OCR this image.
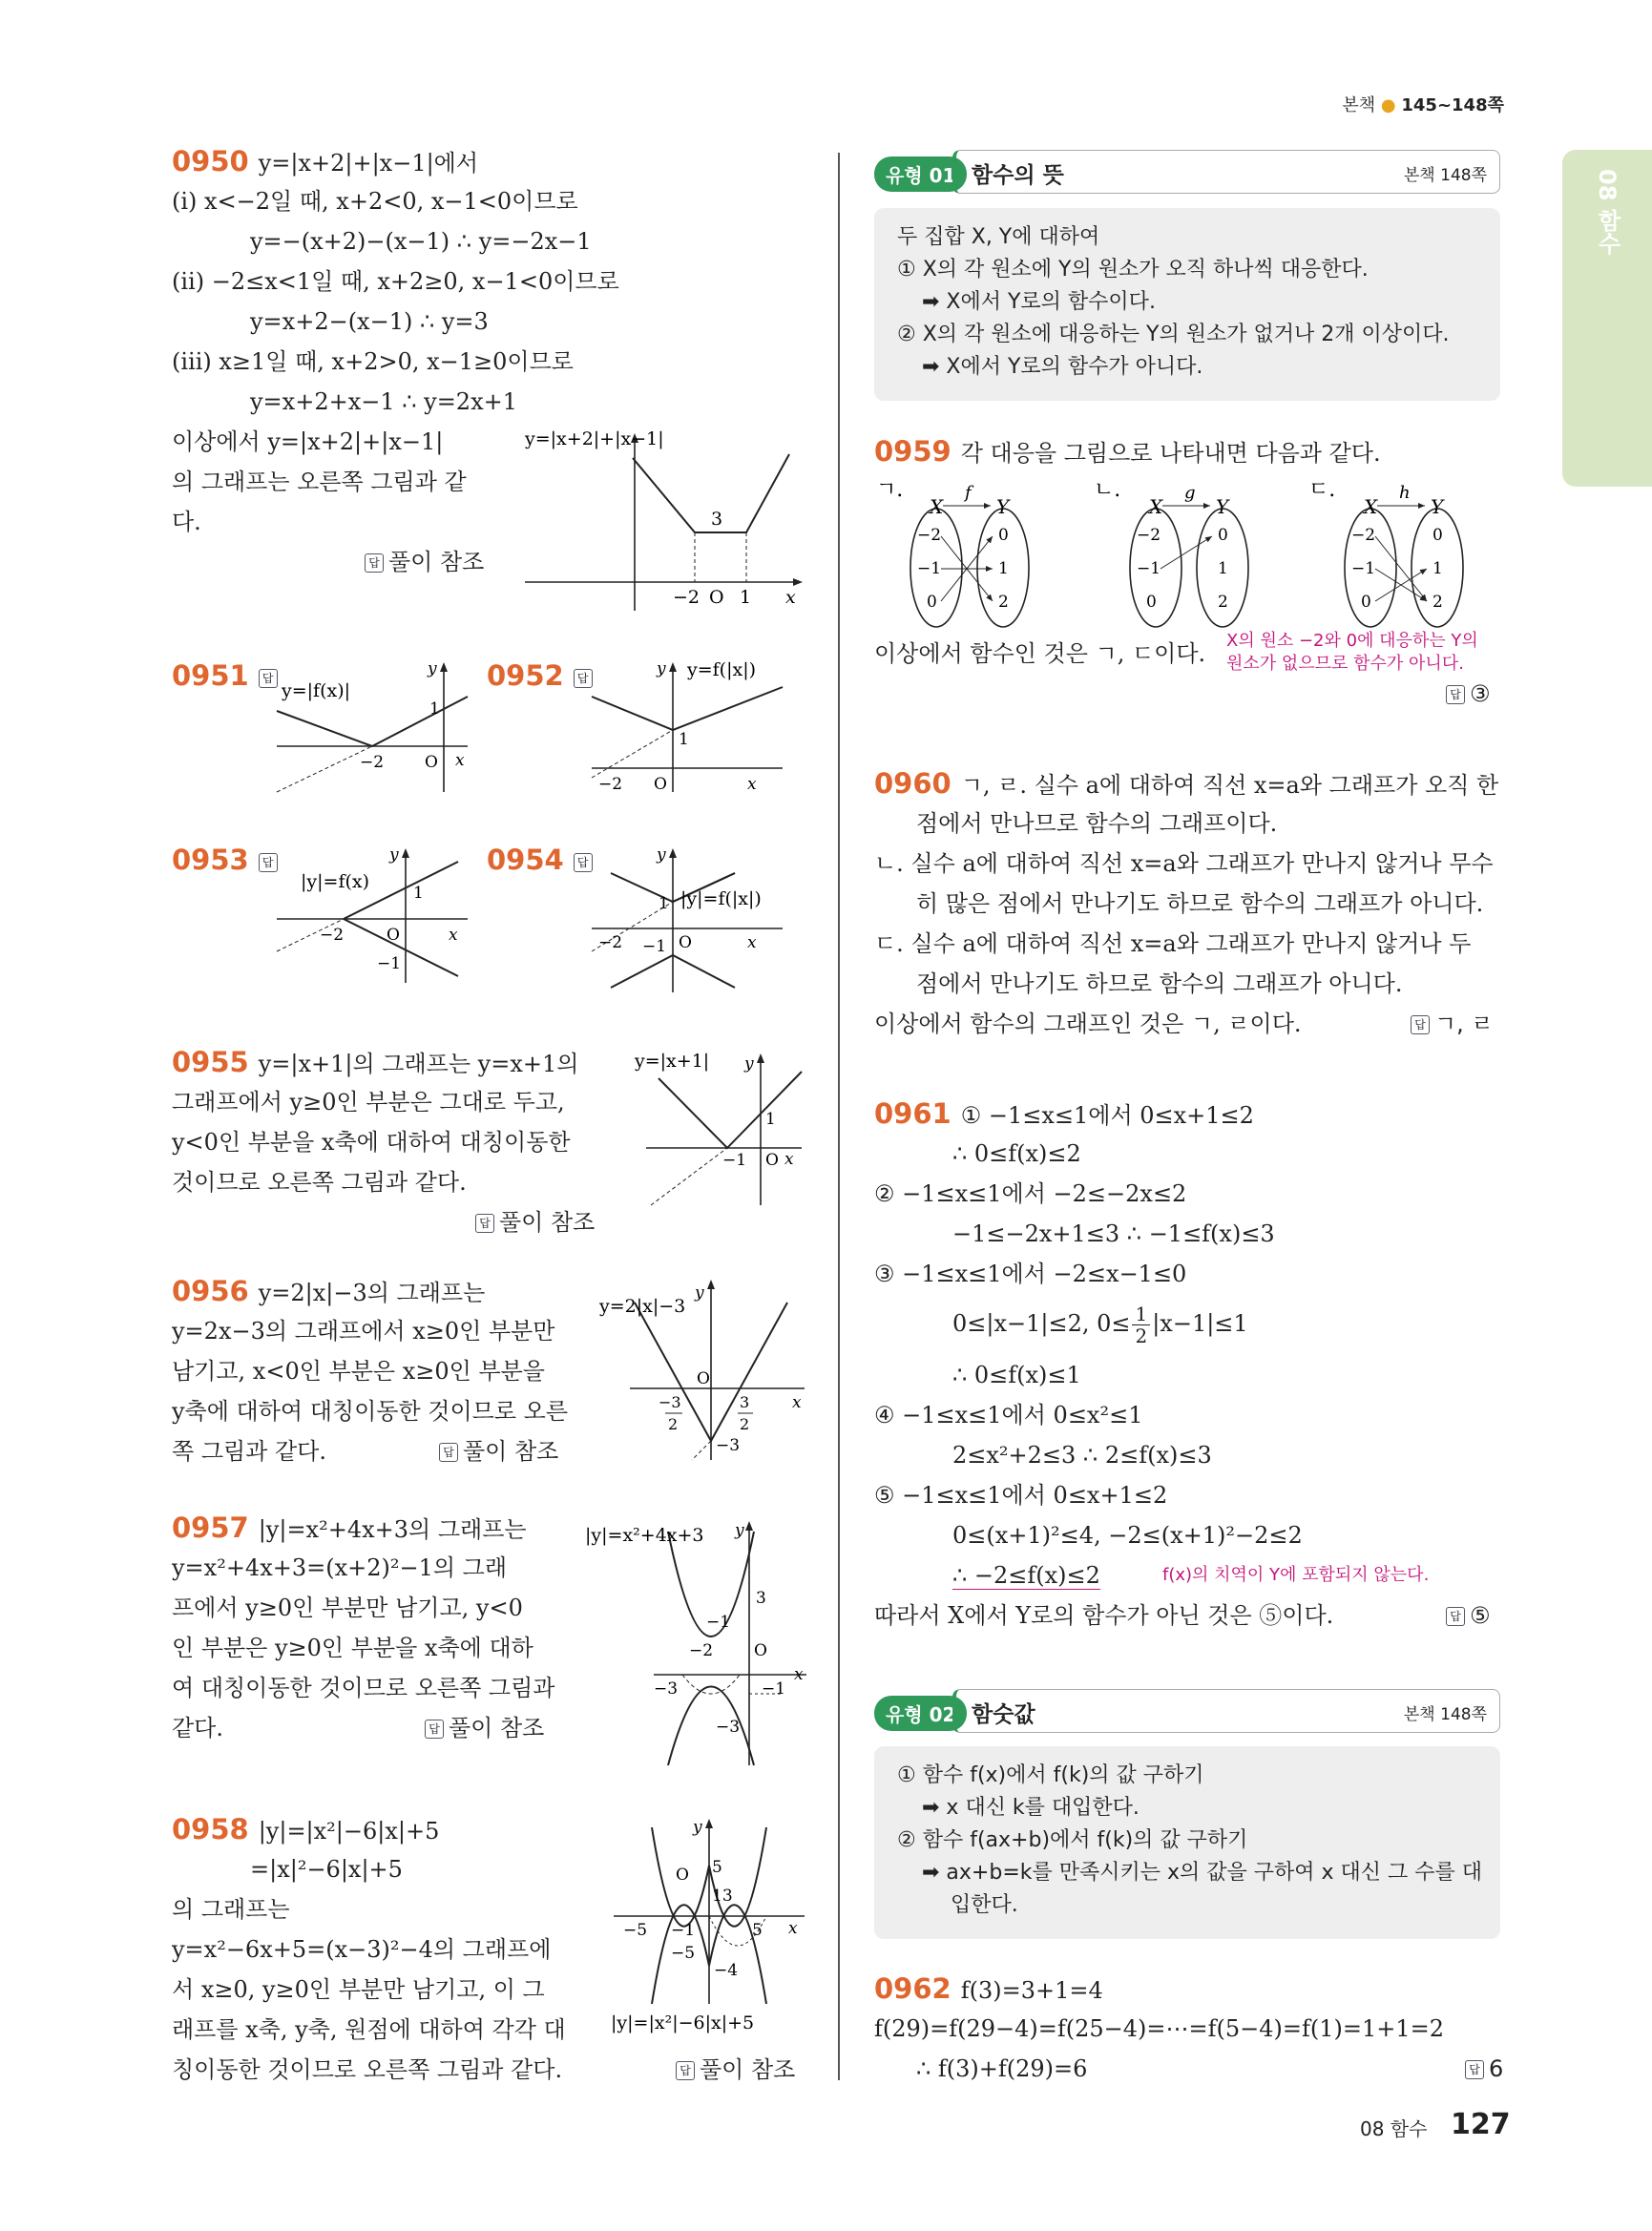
본책 ● 145~148쪽
08 함수
0950 y=|x+2|+|x−1|에서
(ⅰ) x<−2일 때, x+2<0, x−1<0이므로
y=−(x+2)−(x−1) ∴ y=−2x−1
(ⅱ) −2≤x<1일 때, x+2≥0, x−1<0이므로
y=x+2−(x−1) ∴ y=3
(ⅲ) x≥1일 때, x+2>0, x−1≥0이므로
y=x+2+x−1 ∴ y=2x+1
이상에서 y=|x+2|+|x−1|
의 그래프는 오른쪽 그림과 같
다.
답 풀이 참조
y=|x+2|+|x−1|
3
−2 O 1 x
0951 답
y=|f(x)|
1
−2	O x
y 0952 답	y=f(|x|)
1
−2 O	x
y
0953 답
|y|=f(x)
1
−2	O	x
y
−1
0954 답
|y|=f(|x|)
1
−2	O	x
y
−1
0955 y=|x+1|의 그래프는 y=x+1의
그래프에서 y≥0인 부분은 그대로 두고,
y<0인 부분을 x축에 대하여 대칭이동한
것이므로 오른쪽 그림과 같다.
답 풀이 참조
y=|x+1|
1
−1 O x
y
0956 y=2|x|−3의 그래프는
y=2x−3의 그래프에서 x≥0인 부분만
남기고, x<0인 부분은 x≥0인 부분을
y축에 대하여 대칭이동한 것이므로 오른
쪽 그림과 같다.	답 풀이 참조
y=2|x|−3
y
O
x
−3
2
3
2
−3
0957 |y|=x²+4x+3의 그래프는
y=x²+4x+3=(x+2)²−1의 그래
프에서 y≥0인 부분만 남기고, y<0
인 부분은 y≥0인 부분을 x축에 대하
여 대칭이동한 것이므로 오른쪽 그림과
같다.	답 풀이 참조
|y|=x²+4x+3
3
−1
−2	O
−3	−1
x
−3
y
0958 |y|=|x²|−6|x|+5
=|x|²−6|x|+5
의 그래프는
y=x²−6x+5=(x−3)²−4의 그래프에
서 x≥0, y≥0인 부분만 남기고, 이 그
래프를 x축, y축, 원점에 대하여 각각 대
칭이동한 것이므로 오른쪽 그림과 같다.	답 풀이 참조
y
5
O
13
−5 −1	5 x
−5
−4
|y|=|x²|−6|x|+5
유형 01 함수의 뜻	본책 148쪽
두 집합 X, Y에 대하여
① X의 각 원소에 Y의 원소가 오직 하나씩 대응한다.
➡ X에서 Y로의 함수이다.
② X의 각 원소에 대응하는 Y의 원소가 없거나 2개 이상이다.
➡ X에서 Y로의 함수가 아니다.
0959 각 대응을 그림으로 나타내면 다음과 같다.
ㄱ.
X	Y
f
−2
−1
0
0
1
2
ㄴ.
X	Y
g
−2
−1
0
0
1
2
ㄷ.
X	Y
h
−2
−1
0
0
1
2
이상에서 함수인 것은 ㄱ, ㄷ이다. X의 원소 −2와 0에 대응하는 Y의
원소가 없으므로 함수가 아니다.
답 ③
0960 ㄱ, ㄹ. 실수 a에 대하여 직선 x=a와 그래프가 오직 한
점에서 만나므로 함수의 그래프이다.
ㄴ. 실수 a에 대하여 직선 x=a와 그래프가 만나지 않거나 무수
히 많은 점에서 만나기도 하므로 함수의 그래프가 아니다.
ㄷ. 실수 a에 대하여 직선 x=a와 그래프가 만나지 않거나 두
점에서 만나기도 하므로 함수의 그래프가 아니다.
이상에서 함수의 그래프인 것은 ㄱ, ㄹ이다.	답 ㄱ, ㄹ
0961 ① −1≤x≤1에서 0≤x+1≤2
∴ 0≤f(x)≤2
② −1≤x≤1에서 −2≤−2x≤2
−1≤−2x+1≤3 ∴ −1≤f(x)≤3
③ −1≤x≤1에서 −2≤x−1≤0
0≤|x−1|≤2, $0\le \frac{1}{2} |x-1|\le 1$
∴ 0≤f(x)≤1
④ −1≤x≤1에서 0≤x²≤1
2≤x²+2≤3 ∴ 2≤f(x)≤3
⑤ −1≤x≤1에서 0≤x+1≤2
0≤(x+1)²≤4, −2≤(x+1)²−2≤2
∴ −2≤f(x)≤2	f(x)의 치역이 Y에 포함되지 않는다.
따라서 X에서 Y로의 함수가 아닌 것은 ⑤이다.	답 ⑤
유형 02 함숫값	본책 148쪽
① 함수 f(x)에서 f(k)의 값 구하기
➡ x 대신 k를 대입한다.
② 함수 f(ax+b)에서 f(k)의 값 구하기
➡ ax+b=k를 만족시키는 x의 값을 구하여 x 대신 그 수를 대
입한다.
0962 f(3)=3+1=4
f(29)=f(29−4)=f(25−4)=⋯=f(5−4)=f(1)=1+1=2
∴ f(3)+f(29)=6	답 6
08 함수 127
